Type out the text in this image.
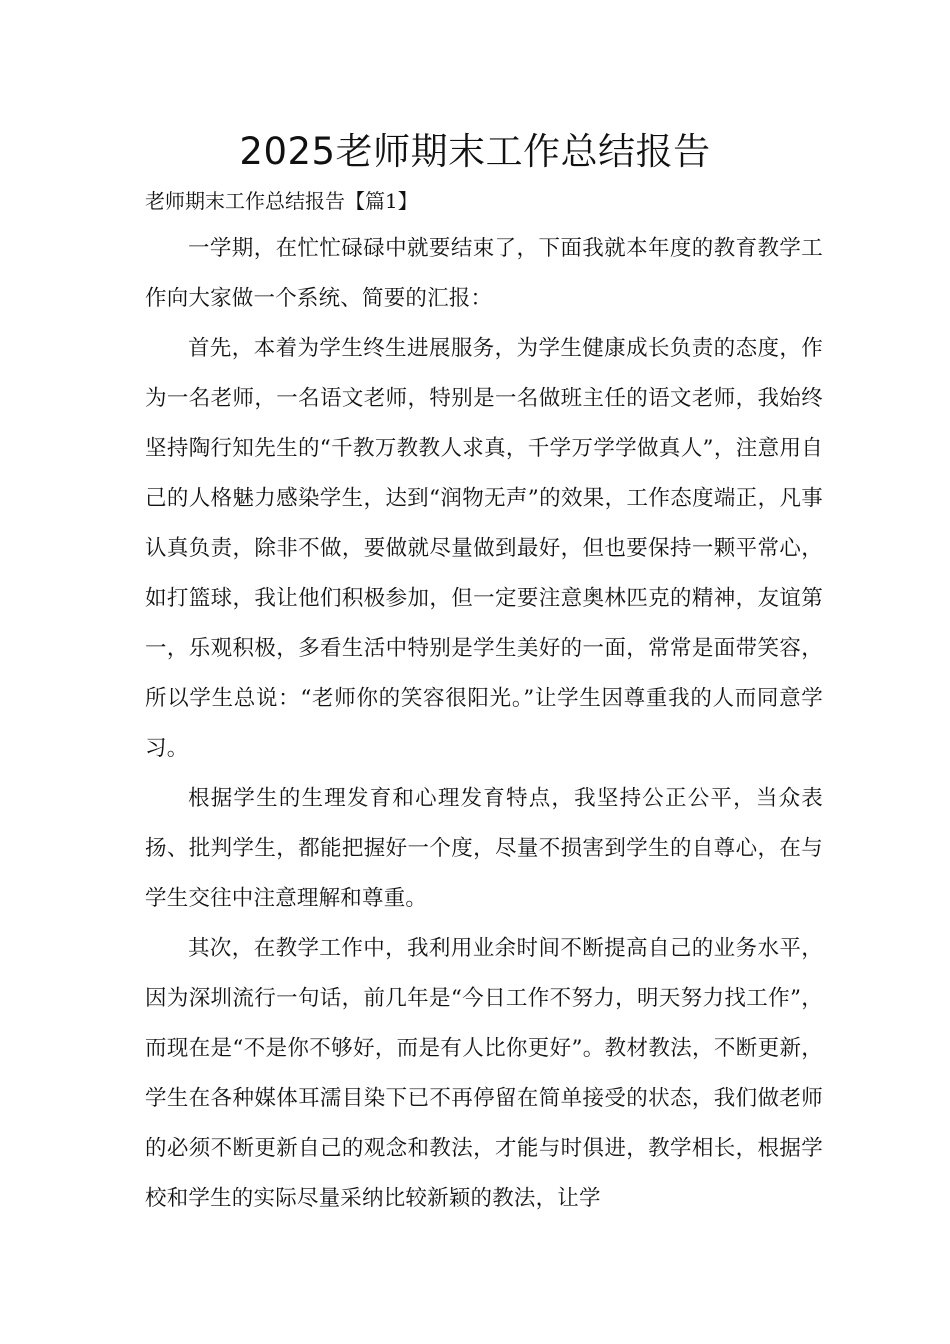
2025老师期末工作总结报告

老师期末工作总结报告【篇1】

一学期，在忙忙碌碌中就要结束了，下面我就本年度的教育教学工作向大家做一个系统、简要的汇报：

首先，本着为学生终生进展服务，为学生健康成长负责的态度，作为一名老师，一名语文老师，特别是一名做班主任的语文老师，我始终坚持陶行知先生的“千教万教教人求真，千学万学学做真人”，注意用自己的人格魅力感染学生，达到“润物无声”的效果，工作态度端正，凡事认真负责，除非不做，要做就尽量做到最好，但也要保持一颗平常心，如打篮球，我让他们积极参加，但一定要注意奥林匹克的精神，友谊第一，乐观积极，多看生活中特别是学生美好的一面，常常是面带笑容，所以学生总说：“老师你的笑容很阳光。”让学生因尊重我的人而同意学习。

根据学生的生理发育和心理发育特点，我坚持公正公平，当众表扬、批判学生，都能把握好一个度，尽量不损害到学生的自尊心，在与学生交往中注意理解和尊重。

其次，在教学工作中，我利用业余时间不断提高自己的业务水平，因为深圳流行一句话，前几年是“今日工作不努力，明天努力找工作”，而现在是“不是你不够好，而是有人比你更好”。教材教法，不断更新，学生在各种媒体耳濡目染下已不再停留在简单接受的状态，我们做老师的必须不断更新自己的观念和教法，才能与时俱进，教学相长，根据学校和学生的实际尽量采纳比较新颖的教法，让学
